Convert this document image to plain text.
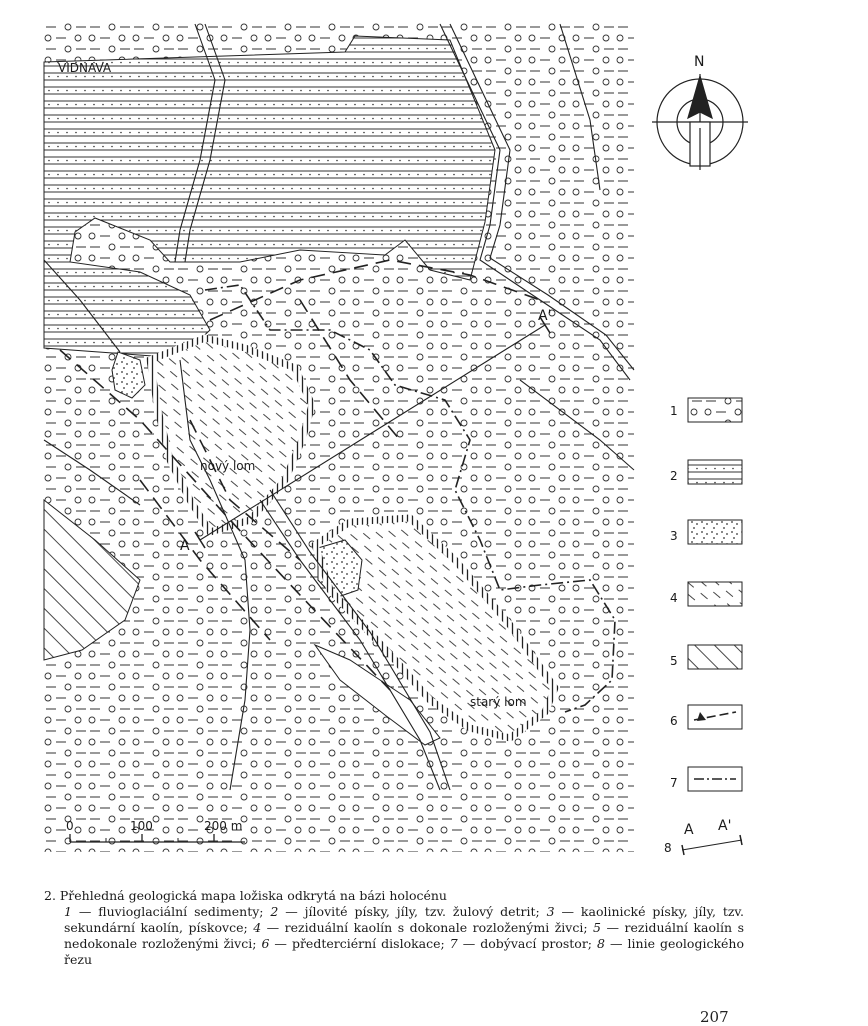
VIDNAVA
nový lom
starý lom
A
A'
0	100	200 m
N
1
2
3
4
5
6
7
8
A A'
2. Přehledná geologická mapa ložiska odkrytá na bázi holocénu
1 — fluvioglaciální sedimenty; 2 — jílovité písky, jíly, tzv. žulový detrit; 3 — kaolinické písky, jíly, tzv. sekundární kaolín, pískovce; 4 — reziduální kaolín s dokonale rozloženými živci; 5 — reziduální kaolín s nedokonale rozloženými živci; 6 — předterciérní dislokace; 7 — dobývací prostor; 8 — linie geologického řezu
207
